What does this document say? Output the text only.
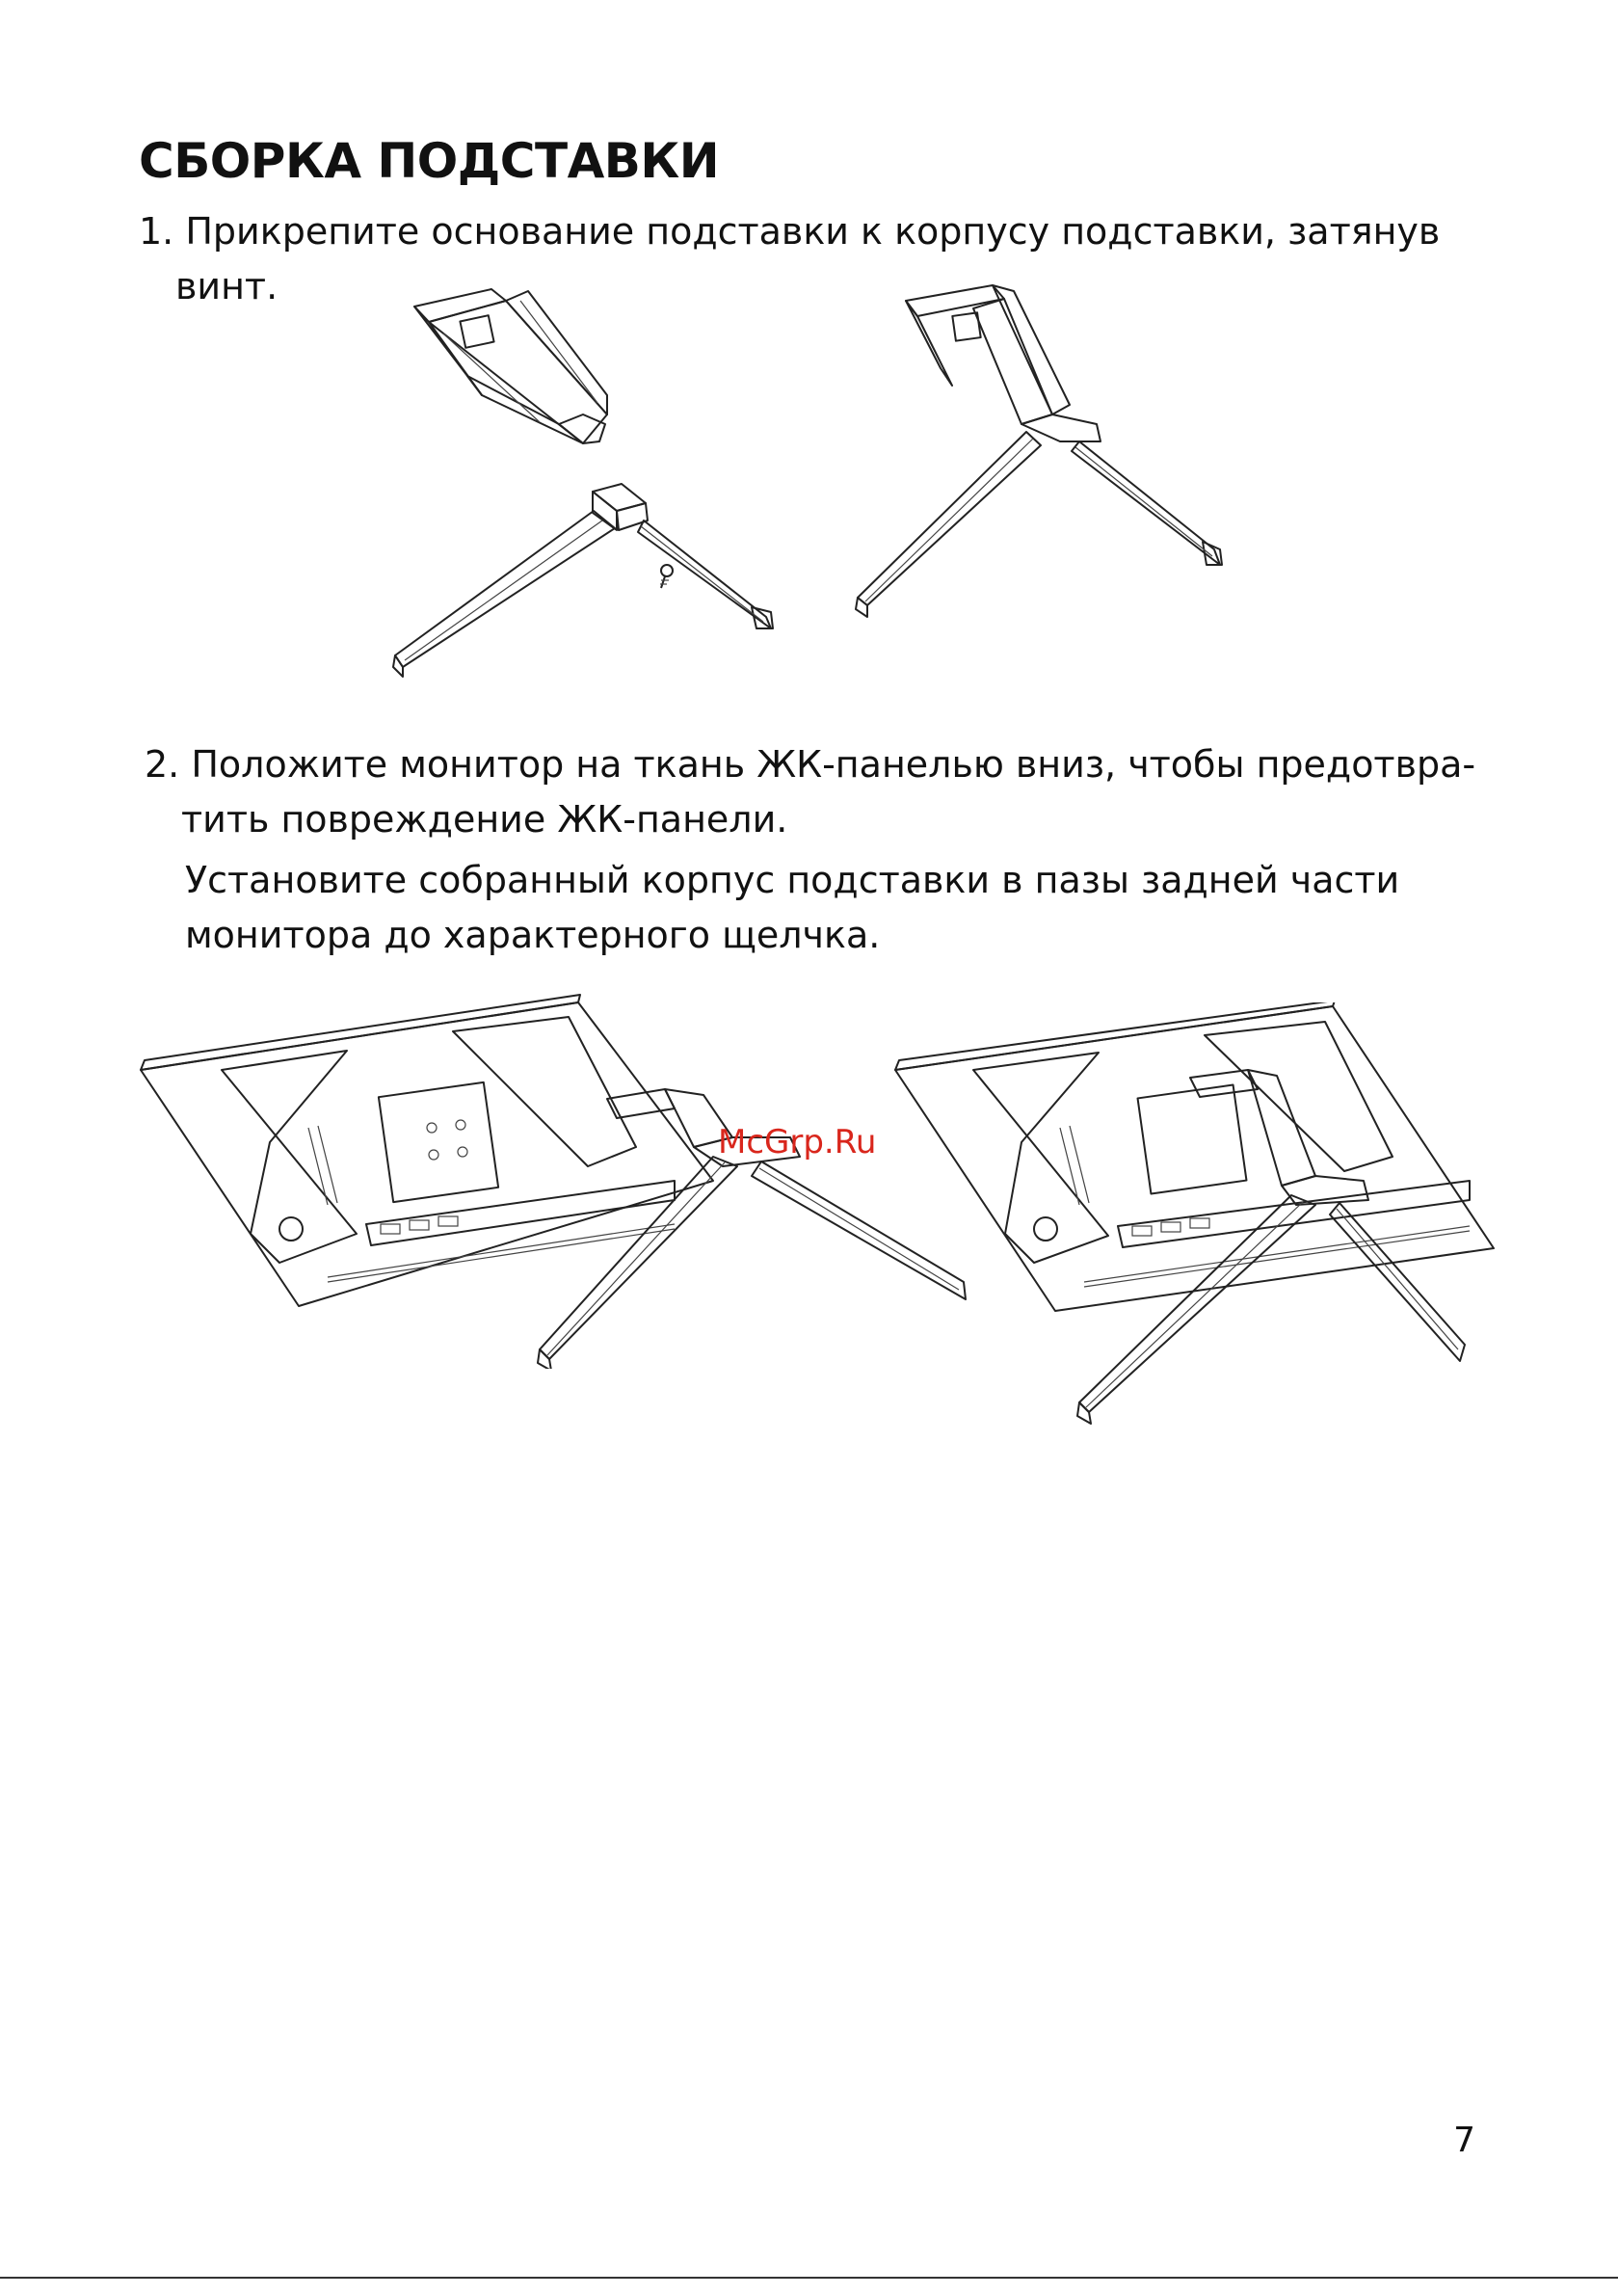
СБОРКА ПОДСТАВКИ

1. Прикрепите основание подставки к корпусу подставки, затянув
винт.

2. Положите монитор на ткань ЖК-панелью вниз, чтобы предотвра-
тить повреждение ЖК-панели.

Установите собранный корпус подставки в пазы задней части
монитора до характерного щелчка.

McGrp.Ru
7
